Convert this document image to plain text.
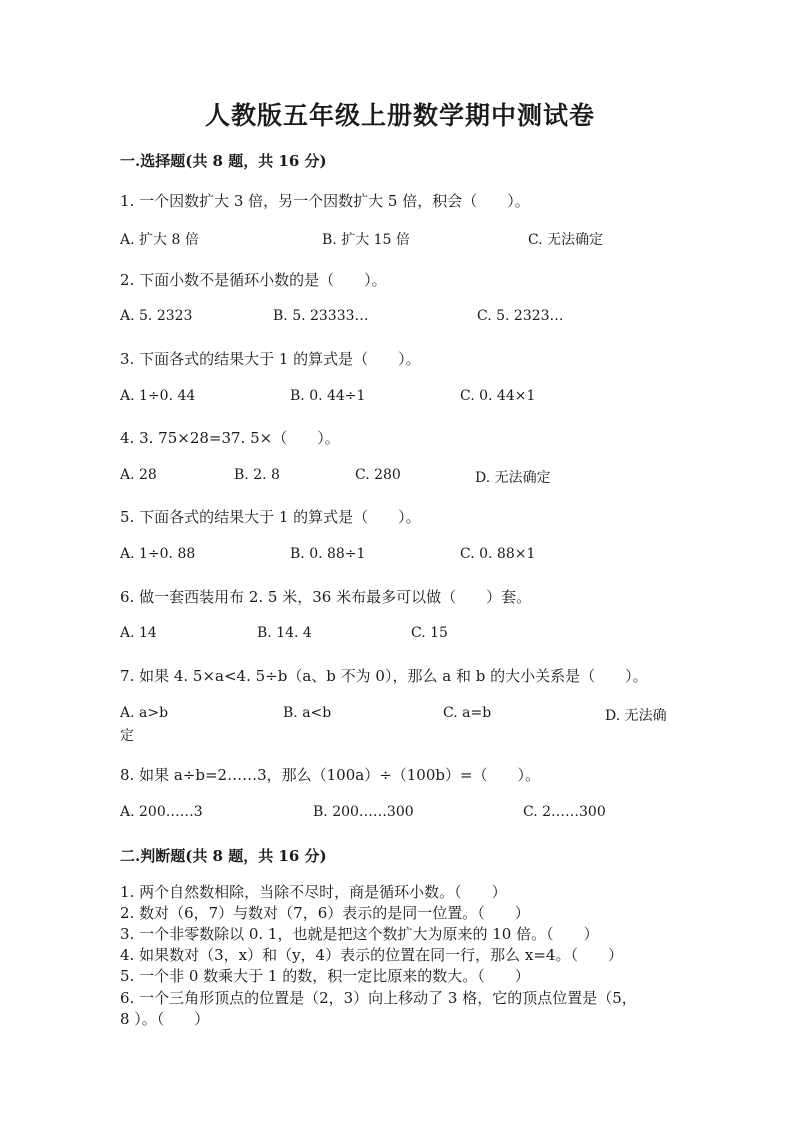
人教版五年级上册数学期中测试卷
一.选择题(共 8 题，共 16 分)
1. 一个因数扩大 3 倍，另一个因数扩大 5 倍，积会（　　）。
A. 扩大 8 倍	B. 扩大 15 倍	C. 无法确定
2. 下面小数不是循环小数的是（　　）。
A. 5. 2323	B. 5. 23333…	C. 5. 2323…
3. 下面各式的结果大于 1 的算式是（　　）。
A. 1÷0. 44	B. 0. 44÷1	C. 0. 44×1
4. 3. 75×28=37. 5×（　　）。
A. 28	B. 2. 8	C. 280	D. 无法确定
5. 下面各式的结果大于 1 的算式是（　　）。
A. 1÷0. 88	B. 0. 88÷1	C. 0. 88×1
6. 做一套西装用布 2. 5 米，36 米布最多可以做（　　）套。
A. 14	B. 14. 4	C. 15
7. 如果 4. 5×a<4. 5÷b（a、b 不为 0），那么 a 和 b 的大小关系是（　　）。
A. a>b	B. a<b	C. a=b	D. 无法确
定
8. 如果 a÷b=2……3，那么（100a）÷（100b）=（　　）。
A. 200……3	B. 200……300	C. 2……300
二.判断题(共 8 题，共 16 分)
1. 两个自然数相除，当除不尽时，商是循环小数。（　　）
2. 数对（6，7）与数对（7，6）表示的是同一位置。（　　）
3. 一个非零数除以 0. 1，也就是把这个数扩大为原来的 10 倍。（　　）
4. 如果数对（3，x）和（y，4）表示的位置在同一行，那么 x=4。（　　）
5. 一个非 0 数乘大于 1 的数，积一定比原来的数大。（　　）
6. 一个三角形顶点的位置是（2，3）向上移动了 3 格，它的顶点位置是（5，
8 ）。（　　）
